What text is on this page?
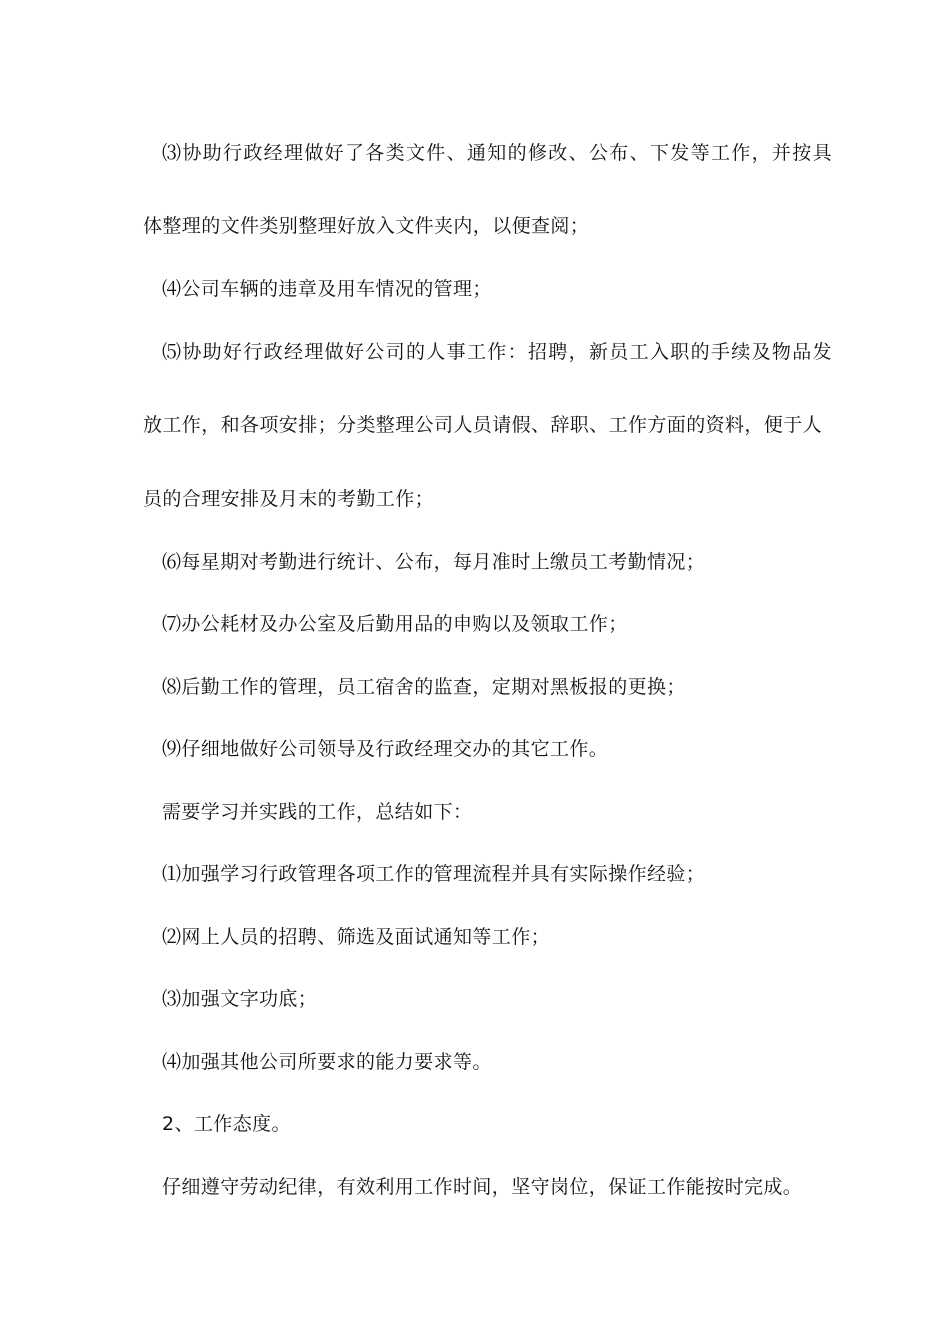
⑶协助行政经理做好了各类文件、通知的修改、公布、下发等工作，并按具
体整理的文件类别整理好放入文件夹内，以便查阅；
⑷公司车辆的违章及用车情况的管理；
⑸协助好行政经理做好公司的人事工作：招聘，新员工入职的手续及物品发
放工作，和各项安排；分类整理公司人员请假、辞职、工作方面的资料，便于人
员的合理安排及月末的考勤工作；
⑹每星期对考勤进行统计、公布，每月准时上缴员工考勤情况；
⑺办公耗材及办公室及后勤用品的申购以及领取工作；
⑻后勤工作的管理，员工宿舍的监查，定期对黑板报的更换；
⑼仔细地做好公司领导及行政经理交办的其它工作。
需要学习并实践的工作，总结如下：
⑴加强学习行政管理各项工作的管理流程并具有实际操作经验；
⑵网上人员的招聘、筛选及面试通知等工作；
⑶加强文字功底；
⑷加强其他公司所要求的能力要求等。
2、工作态度。
仔细遵守劳动纪律，有效利用工作时间，坚守岗位，保证工作能按时完成。
